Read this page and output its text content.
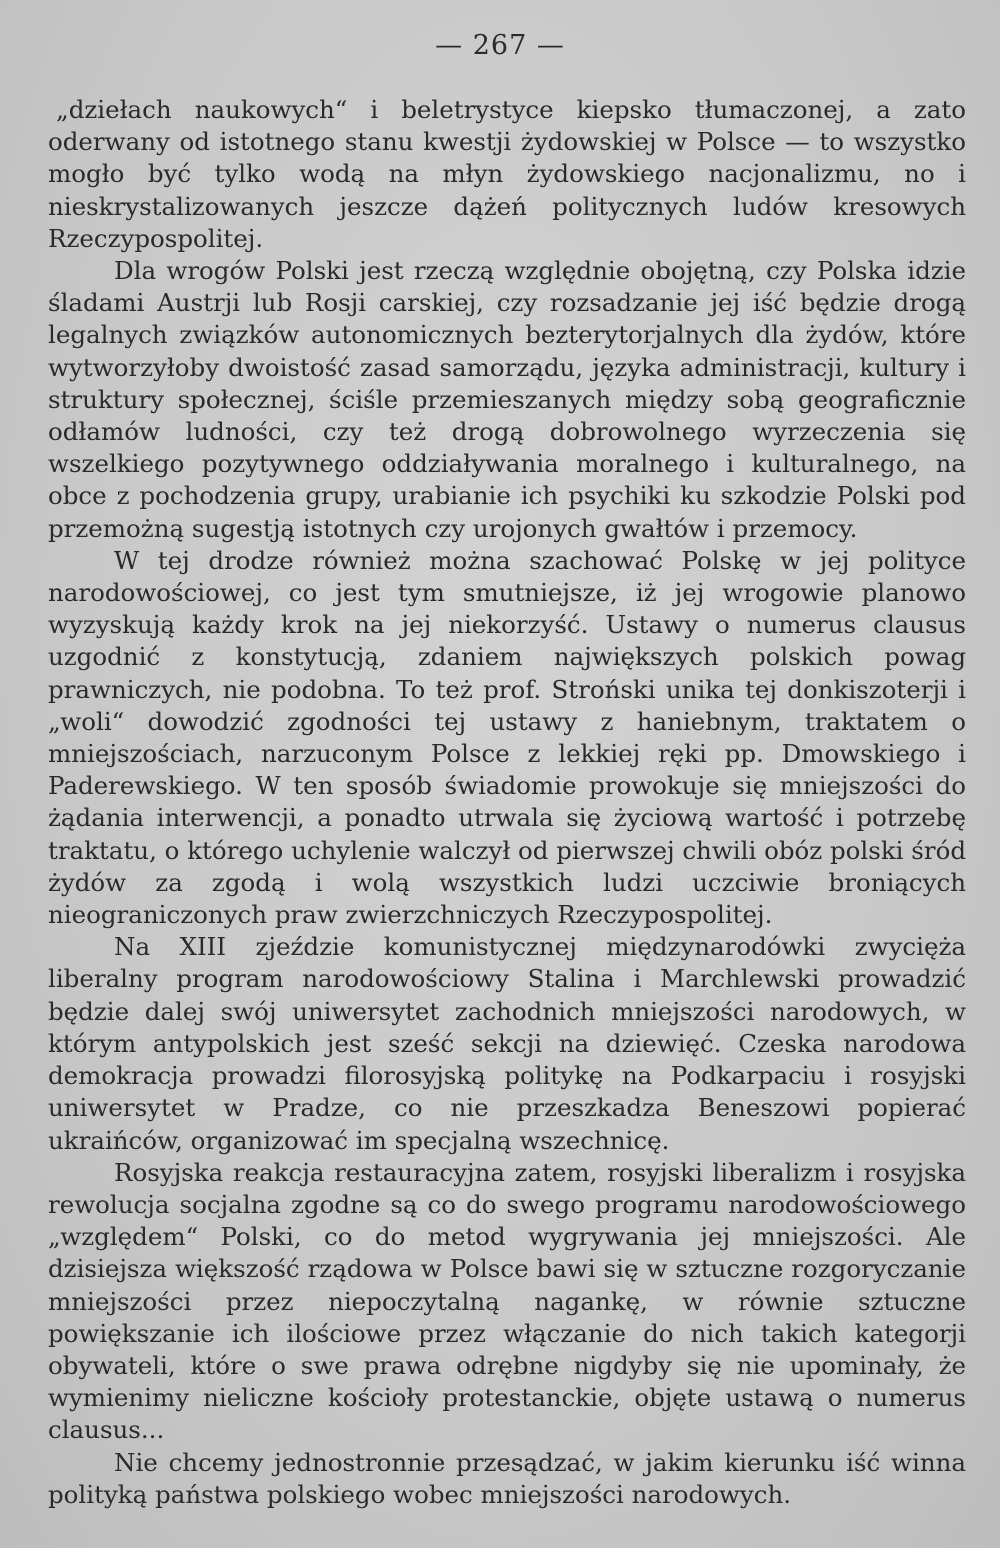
— 267 —

„dziełach naukowych“ i beletrystyce kiepsko tłumaczonej, a zato oderwany od istotnego stanu kwestji żydowskiej w Polsce — to wszystko mogło być tylko wodą na młyn żydowskiego nacjonalizmu, no i nieskrystalizowanych jeszcze dążeń politycznych ludów kresowych Rzeczypospolitej.

Dla wrogów Polski jest rzeczą względnie obojętną, czy Polska idzie śladami Austrji lub Rosji carskiej, czy rozsadzanie jej iść będzie drogą legalnych związków autonomicznych bezterytorjalnych dla żydów, które wytworzyłoby dwoistość zasad samorządu, języka administracji, kultury i struktury społecznej, ściśle przemieszanych między sobą geograficznie odłamów ludności, czy też drogą dobrowolnego wyrzeczenia się wszelkiego pozytywnego oddziaływania moralnego i kulturalnego, na obce z pochodzenia grupy, urabianie ich psychiki ku szkodzie Polski pod przemożną sugestją istotnych czy urojonych gwałtów i przemocy.

W tej drodze również można szachować Polskę w jej polityce narodowościowej, co jest tym smutniejsze, iż jej wrogowie planowo wyzyskują każdy krok na jej niekorzyść. Ustawy o numerus clausus uzgodnić z konstytucją, zdaniem największych polskich powag prawniczych, nie podobna. To też prof. Stroński unika tej donkiszoterji i „woli“ dowodzić zgodności tej ustawy z haniebnym, traktatem o mniejszościach, narzuconym Polsce z lekkiej ręki pp. Dmowskiego i Paderewskiego. W ten sposób świadomie prowokuje się mniejszości do żądania interwencji, a ponadto utrwala się życiową wartość i potrzebę traktatu, o którego uchylenie walczył od pierwszej chwili obóz polski śród żydów za zgodą i wolą wszystkich ludzi uczciwie broniących nieograniczonych praw zwierzchniczych Rzeczypospolitej.

Na XIII zjeździe komunistycznej międzynarodówki zwycięża liberalny program narodowościowy Stalina i Marchlewski prowadzić będzie dalej swój uniwersytet zachodnich mniejszości narodowych, w którym antypolskich jest sześć sekcji na dziewięć. Czeska narodowa demokracja prowadzi filorosyjską politykę na Podkarpaciu i rosyjski uniwersytet w Pradze, co nie przeszkadza Beneszowi popierać ukraińców, organizować im specjalną wszechnicę.

Rosyjska reakcja restauracyjna zatem, rosyjski liberalizm i rosyjska rewolucja socjalna zgodne są co do swego programu narodowościowego „względem“ Polski, co do metod wygrywania jej mniejszości. Ale dzisiejsza większość rządowa w Polsce bawi się w sztuczne rozgoryczanie mniejszości przez niepoczytalną nagankę, w równie sztuczne powiększanie ich ilościowe przez włączanie do nich takich kategorji obywateli, które o swe prawa odrębne nigdyby się nie upominały, że wymienimy nieliczne kościoły protestanckie, objęte ustawą o numerus clausus...

Nie chcemy jednostronnie przesądzać, w jakim kierunku iść winna polityką państwa polskiego wobec mniejszości narodowych.
